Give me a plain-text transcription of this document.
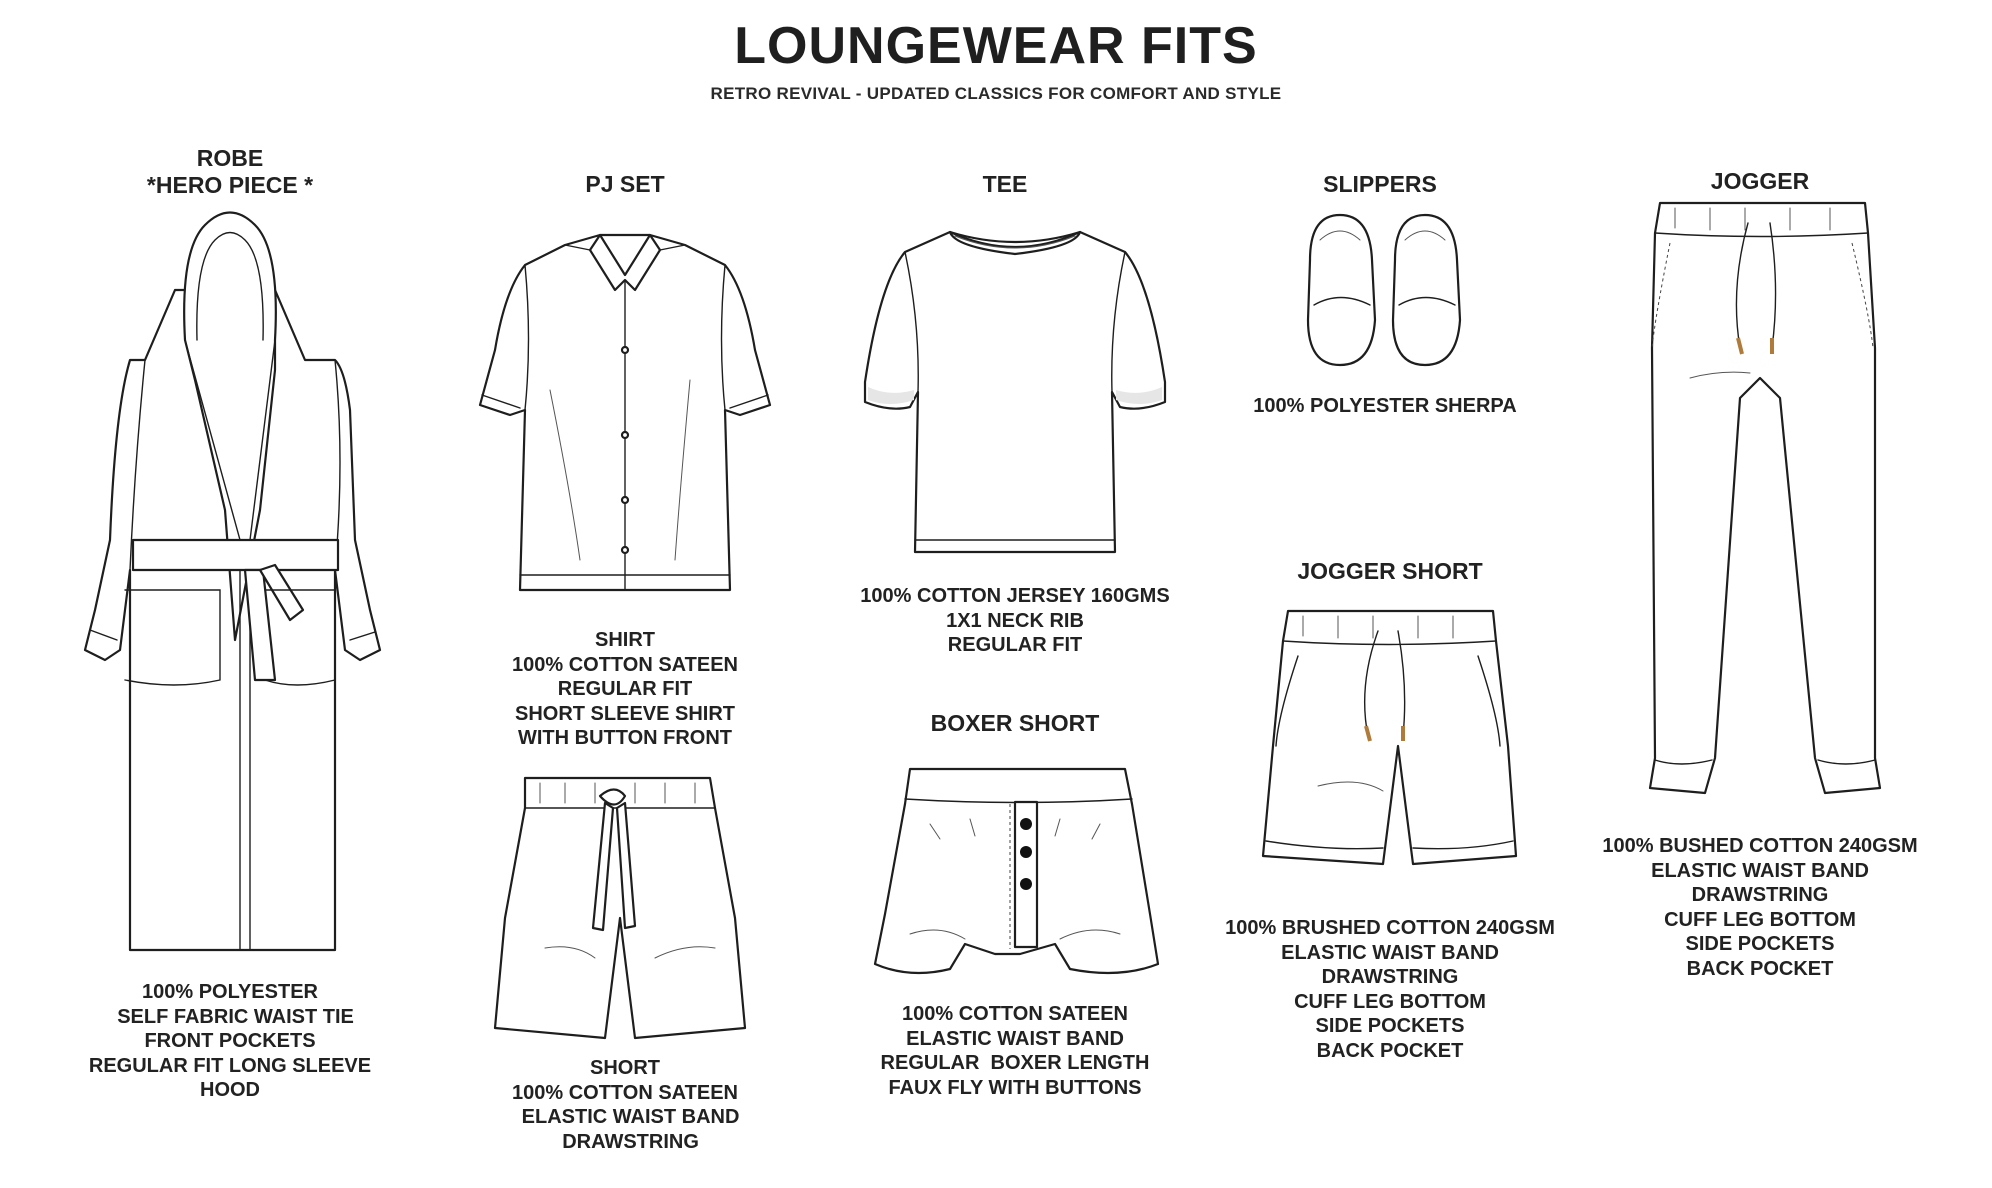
LOUNGEWEAR FITS
RETRO REVIVAL - UPDATED CLASSICS FOR COMFORT AND STYLE
ROBE
*HERO PIECE *
100% POLYESTER
SELF FABRIC WAIST TIE
FRONT POCKETS
REGULAR FIT LONG SLEEVE
HOOD
PJ SET
SHIRT
100% COTTON SATEEN
REGULAR FIT
SHORT SLEEVE SHIRT
WITH BUTTON FRONT
SHORT
100% COTTON SATEEN
ELASTIC WAIST BAND
DRAWSTRING
TEE
100% COTTON JERSEY 160GMS
1X1 NECK RIB
REGULAR FIT
BOXER SHORT
100% COTTON SATEEN
ELASTIC WAIST BAND
REGULAR  BOXER LENGTH
FAUX FLY WITH BUTTONS
SLIPPERS
100% POLYESTER SHERPA
JOGGER SHORT
100% BRUSHED COTTON 240GSM
ELASTIC WAIST BAND
DRAWSTRING
CUFF LEG BOTTOM
SIDE POCKETS
BACK POCKET
JOGGER
100% BUSHED COTTON 240GSM
ELASTIC WAIST BAND
DRAWSTRING
CUFF LEG BOTTOM
SIDE POCKETS
BACK POCKET
